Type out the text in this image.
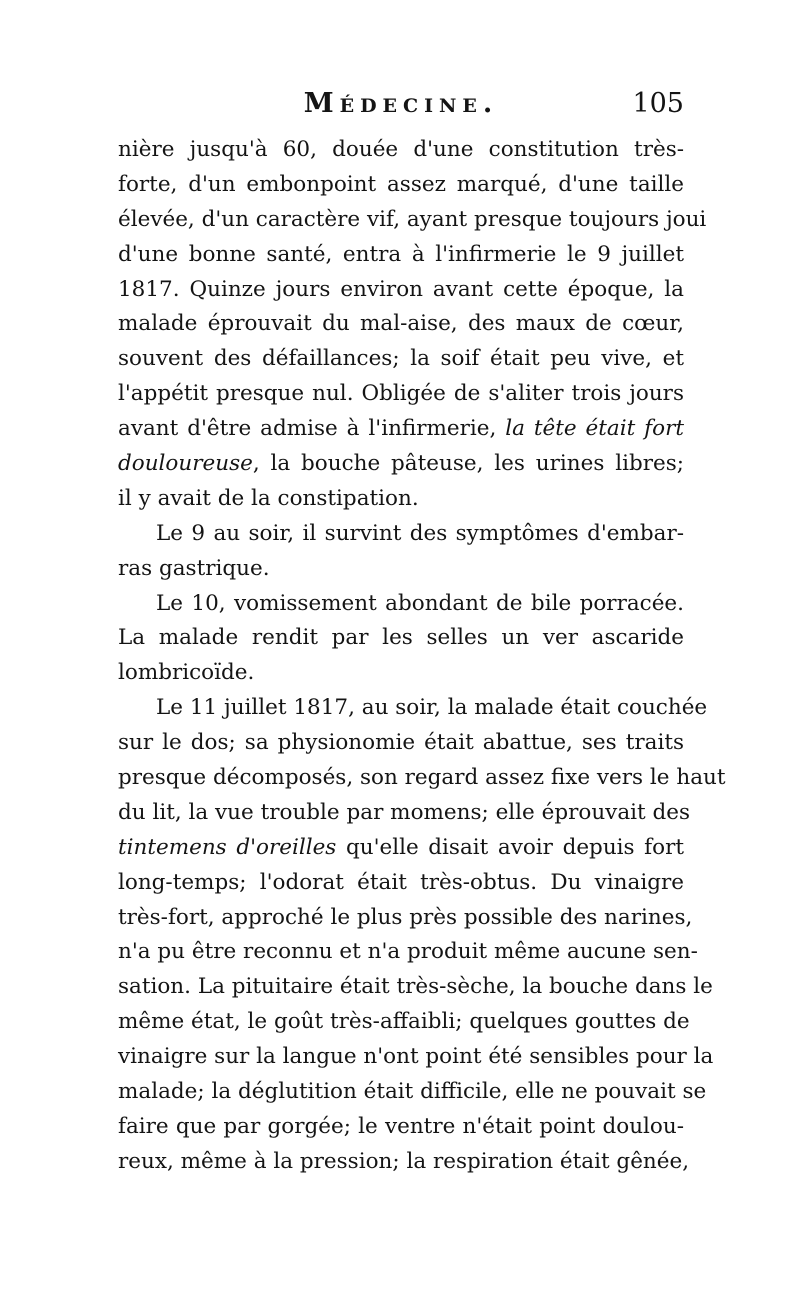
Médecine.	105
nière jusqu'à 60, douée d'une constitution très-
forte, d'un embonpoint assez marqué, d'une taille
élevée, d'un caractère vif, ayant presque toujours joui
d'une bonne santé, entra à l'infirmerie le 9 juillet
1817. Quinze jours environ avant cette époque, la
malade éprouvait du mal-aise, des maux de cœur,
souvent des défaillances; la soif était peu vive, et
l'appétit presque nul. Obligée de s'aliter trois jours
avant d'être admise à l'infirmerie, la tête était fort
douloureuse, la bouche pâteuse, les urines libres;
il y avait de la constipation.
Le 9 au soir, il survint des symptômes d'embar-
ras gastrique.
Le 10, vomissement abondant de bile porracée.
La malade rendit par les selles un ver ascaride
lombricoïde.
Le 11 juillet 1817, au soir, la malade était couchée
sur le dos; sa physionomie était abattue, ses traits
presque décomposés, son regard assez fixe vers le haut
du lit, la vue trouble par momens; elle éprouvait des
tintemens d'oreilles qu'elle disait avoir depuis fort
long-temps; l'odorat était très-obtus. Du vinaigre
très-fort, approché le plus près possible des narines,
n'a pu être reconnu et n'a produit même aucune sen-
sation. La pituitaire était très-sèche, la bouche dans le
même état, le goût très-affaibli; quelques gouttes de
vinaigre sur la langue n'ont point été sensibles pour la
malade; la déglutition était difficile, elle ne pouvait se
faire que par gorgée; le ventre n'était point doulou-
reux, même à la pression; la respiration était gênée,
